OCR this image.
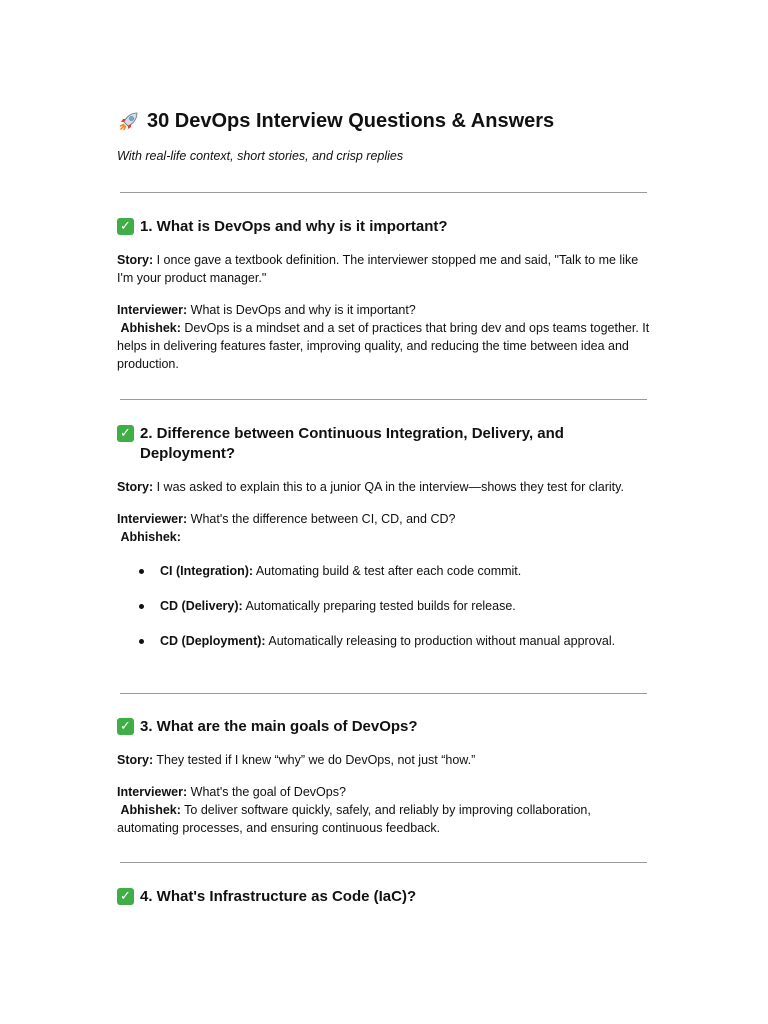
30 DevOps Interview Questions & Answers

With real-life context, short stories, and crisp replies

✓ 1. What is DevOps and why is it important?

Story: I once gave a textbook definition. The interviewer stopped me and said, "Talk to me like I'm your product manager."

Interviewer: What is DevOps and why is it important?

Abhishek: DevOps is a mindset and a set of practices that bring dev and ops teams together. It helps in delivering features faster, improving quality, and reducing the time between idea and production.

✓ 2. Difference between Continuous Integration, Delivery, and Deployment?

Story: I was asked to explain this to a junior QA in the interview—shows they test for clarity.

Interviewer: What's the difference between CI, CD, and CD?

Abhishek:

CI (Integration): Automating build & test after each code commit.
CD (Delivery): Automatically preparing tested builds for release.
CD (Deployment): Automatically releasing to production without manual approval.
✓ 3. What are the main goals of DevOps?

Story: They tested if I knew “why” we do DevOps, not just “how.”

Interviewer: What's the goal of DevOps?

Abhishek: To deliver software quickly, safely, and reliably by improving collaboration, automating processes, and ensuring continuous feedback.

✓ 4. What's Infrastructure as Code (IaC)?
